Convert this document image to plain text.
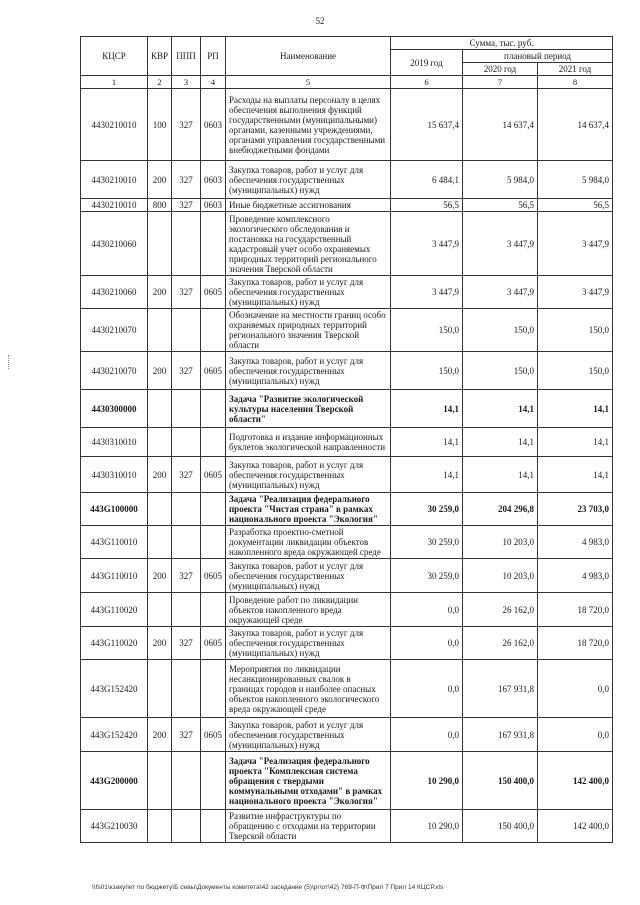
52
КЦСР	КВР	ППП	РП	Наименование	Сумма, тыс. руб.		
					2019 год	плановый период	
						2020 год	2021 год
1	2	3	4	5	6	7	8
4430210010	100	327	0603	Расходы на выплаты персоналу в целях обеспечения выполнения функций государственными (муниципальными) органами, казенными учреждениями, органами управления государственными внебюджетными фондами	15 637,4	14 637,4	14 637,4
4430210010	200	327	0603	Закупка товаров, работ и услуг для обеспечения государственных (муниципальных) нужд	6 484,1	5 984,0	5 984,0
4430210010	800	327	0603	Иные бюджетные ассигнования	56,5	56,5	56,5
4430210060				Проведение комплексного экологического обследования и постановка на государственный кадастровый учет особо охраняемых природных территорий регионального значения Тверской области	3 447,9	3 447,9	3 447,9
4430210060	200	327	0605	Закупка товаров, работ и услуг для обеспечения государственных (муниципальных) нужд	3 447,9	3 447,9	3 447,9
4430210070				Обозначение на местности границ особо охраняемых природных территорий регионального значения Тверской области	150,0	150,0	150,0
4430210070	200	327	0605	Закупка товаров, работ и услуг для обеспечения государственных (муниципальных) нужд	150,0	150,0	150,0
4430300000				Задача "Развитие экологической культуры населения Тверской области"	14,1	14,1	14,1
4430310010				Подготовка и издание информационных буклетов экологической направленности	14,1	14,1	14,1
4430310010	200	327	0605	Закупка товаров, работ и услуг для обеспечения государственных (муниципальных) нужд	14,1	14,1	14,1
443G100000				Задача "Реализация федерального проекта "Чистая страна" в рамках национального проекта "Экология"	30 259,0	204 296,8	23 703,0
443G110010				Разработка проектно-сметной документации ликвидации объектов накопленного вреда окружающей среде	30 259,0	10 203,0	4 983,0
443G110010	200	327	0605	Закупка товаров, работ и услуг для обеспечения государственных (муниципальных) нужд	30 259,0	10 203,0	4 983,0
443G110020				Проведение работ по ликвидации объектов накопленного вреда окружающей среде	0,0	26 162,0	18 720,0
443G110020	200	327	0605	Закупка товаров, работ и услуг для обеспечения государственных (муниципальных) нужд	0,0	26 162,0	18 720,0
443G152420				Мероприятия по ликвидации несанкционированных свалок в границах городов и наиболее опасных объектов накопленного экологического вреда окружающей среде	0,0	167 931,8	0,0
443G152420	200	327	0605	Закупка товаров, работ и услуг для обеспечения государственных (муниципальных) нужд	0,0	167 931,8	0,0
443G200000				Задача "Реализация федерального проекта "Комплексная система обращения с твердыми коммунальными отходами" в рамках национального проекта "Экология"	10 290,0	150 400,0	142 400,0
443G210030				Развитие инфраструктуры по обращению с отходами на территории Тверской области	10 290,0	150 400,0	142 400,0
\\fs01\кзакупет по бюджету\Б севы\Документы комитета\42 заседание (5)\рг\от\42) 769-П-Ф\Прил 7 Прил 14 КЦСР.xls
